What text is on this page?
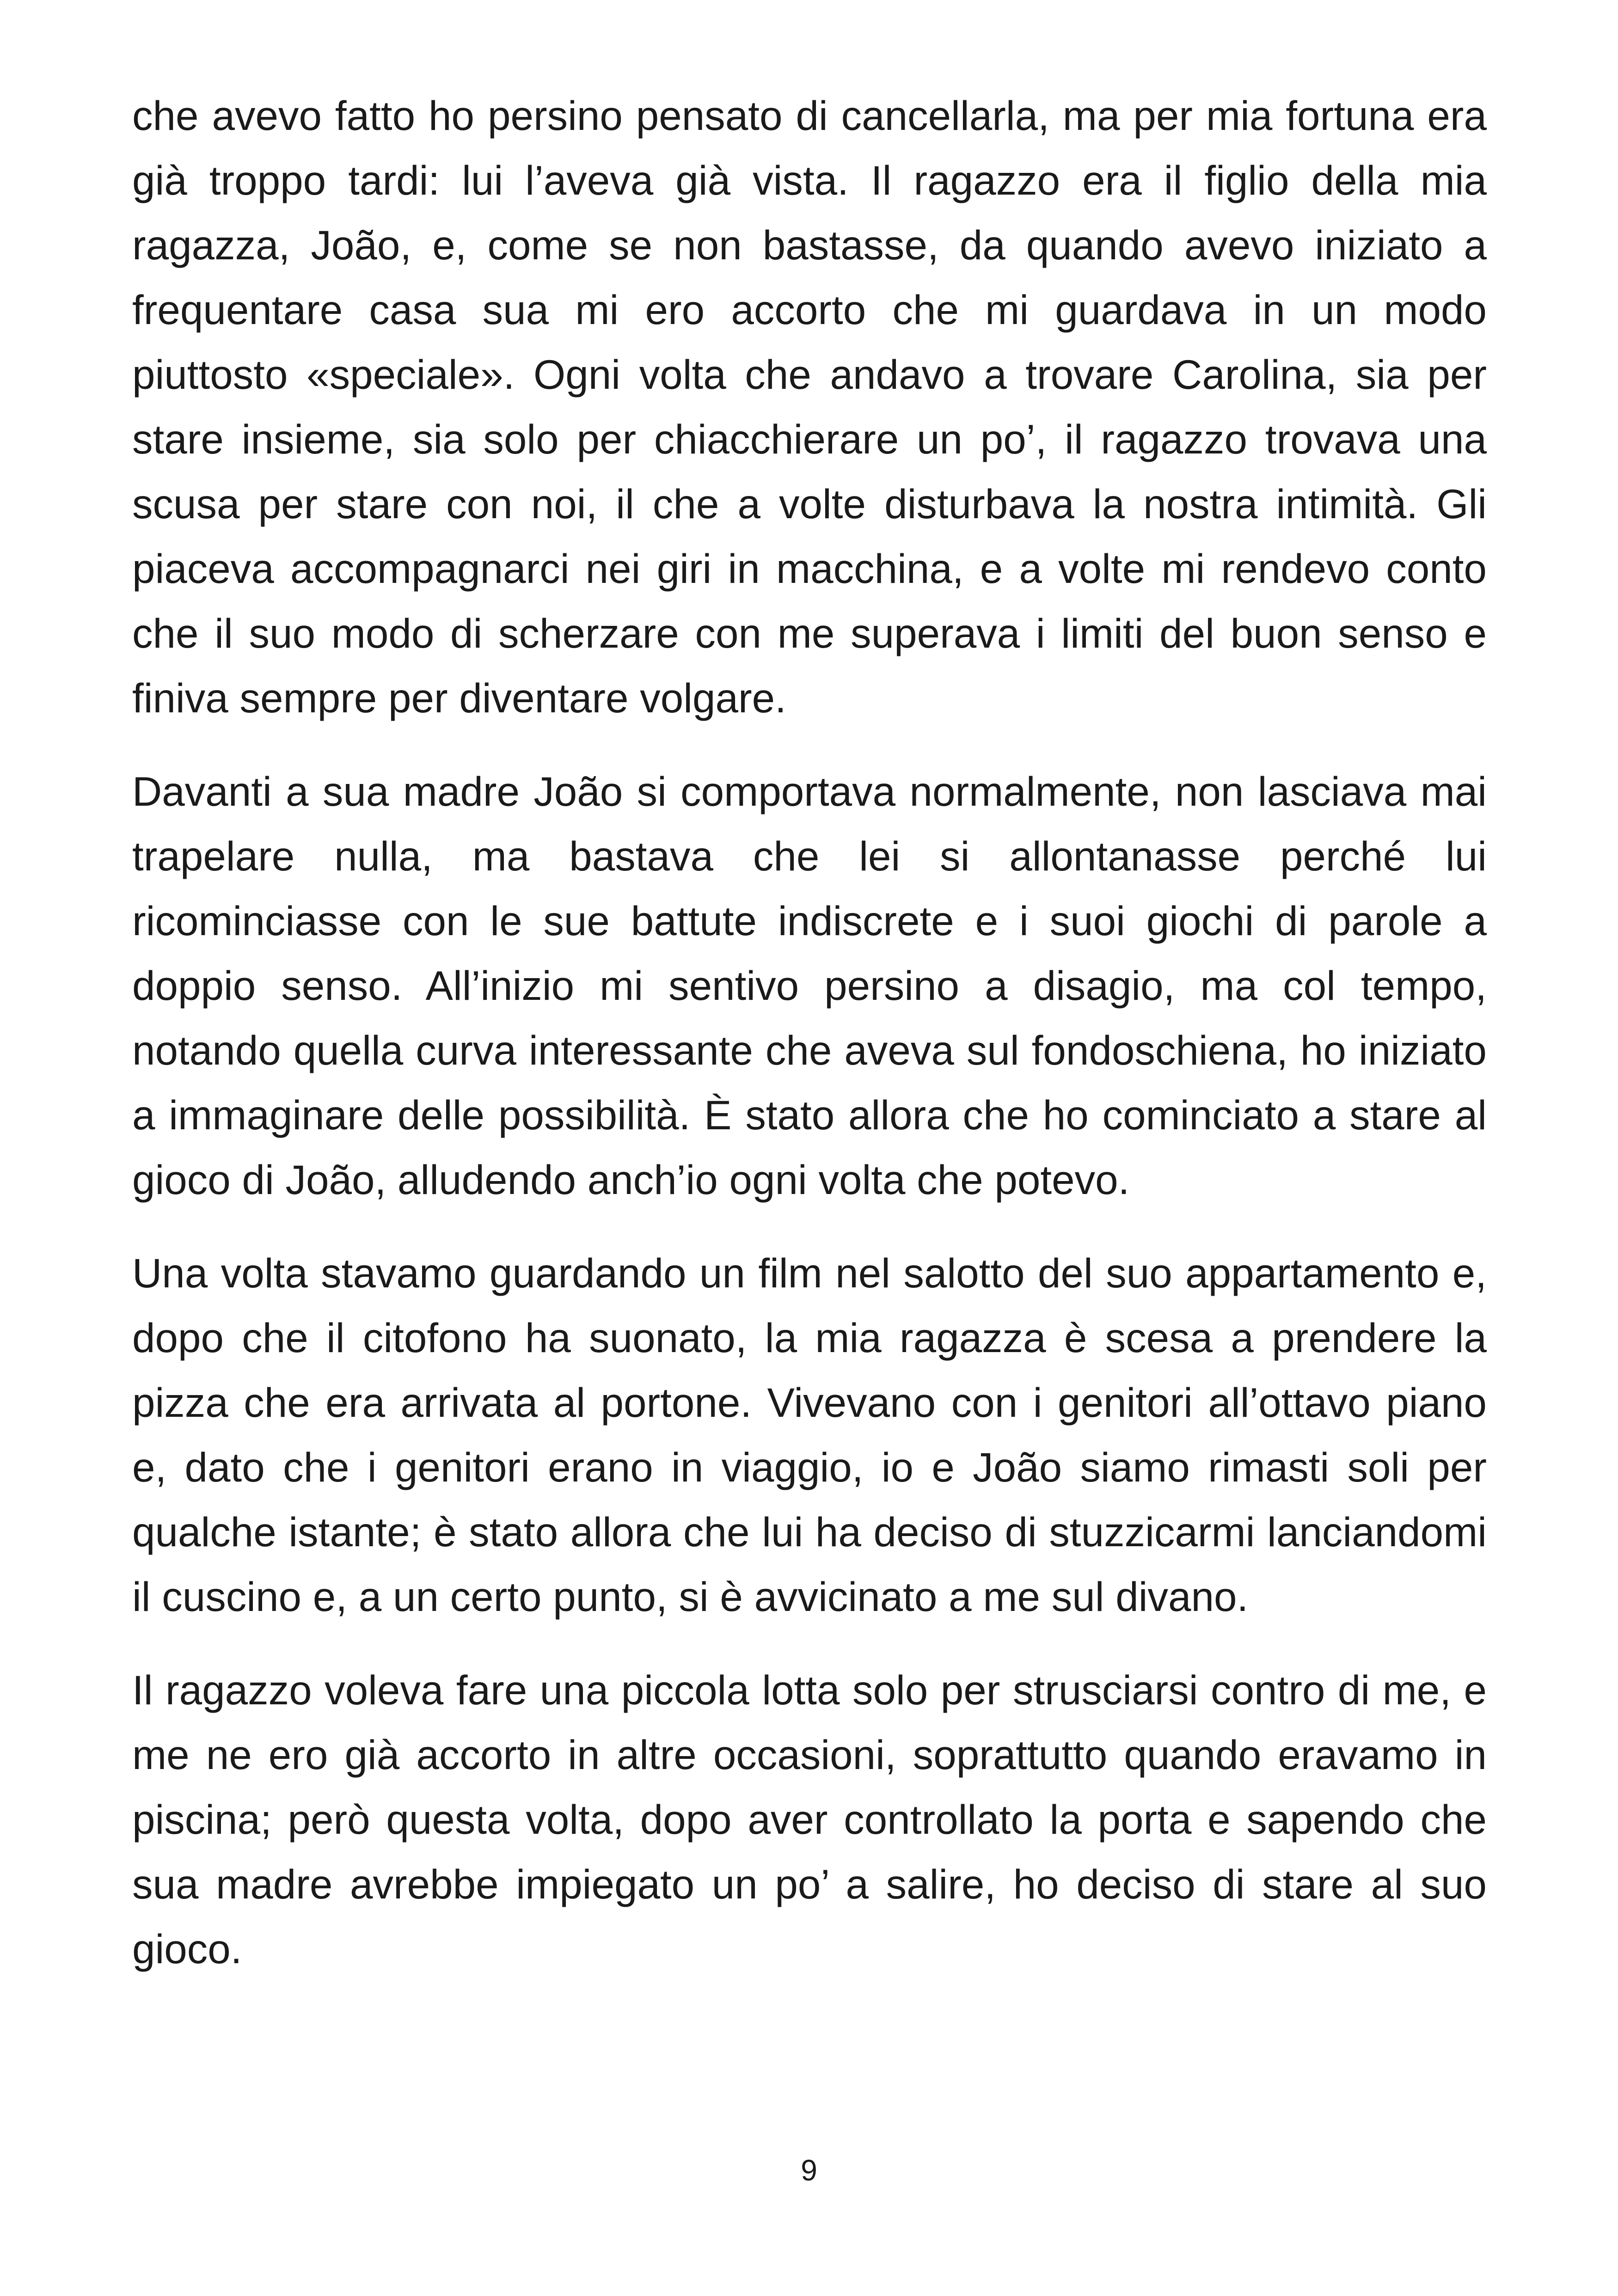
che avevo fatto ho persino pensato di cancellarla, ma per mia fortuna era già troppo tardi: lui l’aveva già vista. Il ragazzo era il figlio della mia ragazza, João, e, come se non bastasse, da quando avevo iniziato a frequentare casa sua mi ero accorto che mi guardava in un modo piuttosto «speciale». Ogni volta che andavo a trovare Carolina, sia per stare insieme, sia solo per chiacchierare un po’, il ragazzo trovava una scusa per stare con noi, il che a volte disturbava la nostra intimità. Gli piaceva accompagnarci nei giri in macchina, e a volte mi rendevo conto che il suo modo di scherzare con me superava i limiti del buon senso e finiva sempre per diventare volgare.

Davanti a sua madre João si comportava normalmente, non lasciava mai trapelare nulla, ma bastava che lei si allontanasse perché lui ricominciasse con le sue battute indiscrete e i suoi giochi di parole a doppio senso. All’inizio mi sentivo persino a disagio, ma col tempo, notando quella curva interessante che aveva sul fondoschiena, ho iniziato a immaginare delle possibilità. È stato allora che ho cominciato a stare al gioco di João, alludendo anch’io ogni volta che potevo.

Una volta stavamo guardando un film nel salotto del suo appartamento e, dopo che il citofono ha suonato, la mia ragazza è scesa a prendere la pizza che era arrivata al portone. Vivevano con i genitori all’ottavo piano e, dato che i genitori erano in viaggio, io e João siamo rimasti soli per qualche istante; è stato allora che lui ha deciso di stuzzicarmi lanciandomi il cuscino e, a un certo punto, si è avvicinato a me sul divano.

Il ragazzo voleva fare una piccola lotta solo per strusciarsi contro di me, e me ne ero già accorto in altre occasioni, soprattutto quando eravamo in piscina; però questa volta, dopo aver controllato la porta e sapendo che sua madre avrebbe impiegato un po’ a salire, ho deciso di stare al suo gioco.

9
